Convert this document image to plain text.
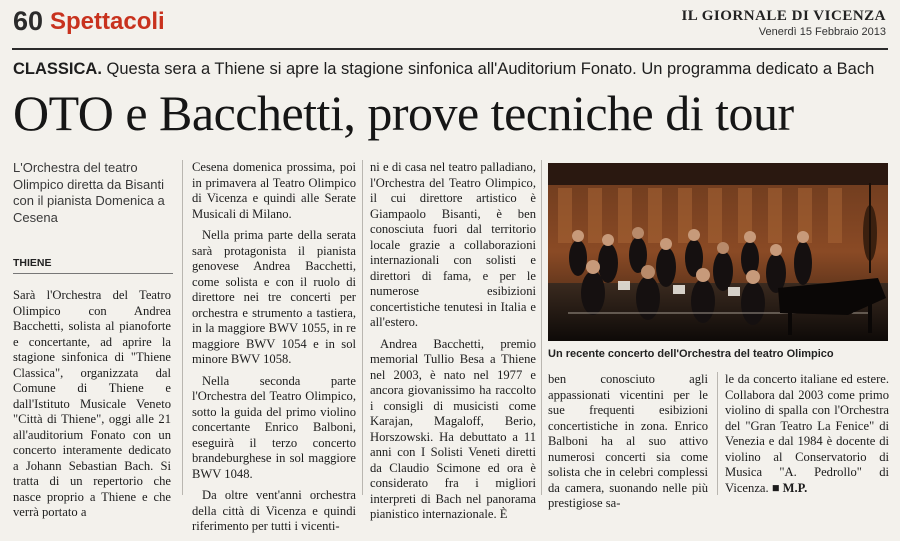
60 Spettacoli	IL GIORNALE DI VICENZA
Venerdì 15 Febbraio 2013
CLASSICA. Questa sera a Thiene si apre la stagione sinfonica all'Auditorium Fonato. Un programma dedicato a Bach
OTO e Bacchetti, prove tecniche di tour
L'Orchestra del teatro Olimpico diretta da Bisanti con il pianista Domenica a Cesena
THIENE

Sarà l'Orchestra del Teatro Olimpico con Andrea Bacchetti, solista al pianoforte e concertante, ad aprire la stagione sinfonica di "Thiene Classica", organizzata dal Comune di Thiene e dall'Istituto Musicale Veneto "Città di Thiene", oggi alle 21 all'auditorium Fonato con un concerto interamente dedicato a Johann Sebastian Bach. Si tratta di un repertorio che nasce proprio a Thiene e che verrà portato a

Cesena domenica prossima, poi in primavera al Teatro Olimpico di Vicenza e quindi alle Serate Musicali di Milano.

Nella prima parte della serata sarà protagonista il pianista genovese Andrea Bacchetti, come solista e con il ruolo di direttore nei tre concerti per orchestra e strumento a tastiera, in la maggiore BWV 1055, in re maggiore BWV 1054 e in sol minore BWV 1058.

Nella seconda parte l'Orchestra del Teatro Olimpico, sotto la guida del primo violino concertante Enrico Balboni, eseguirà il terzo concerto brandeburghese in sol maggiore BWV 1048.

Da oltre vent'anni orchestra della città di Vicenza e quindi riferimento per tutti i vicenti-

ni e di casa nel teatro palladiano, l'Orchestra del Teatro Olimpico, il cui direttore artistico è Giampaolo Bisanti, è ben conosciuta fuori dal territorio locale grazie a collaborazioni internazionali con solisti e direttori di fama, e per le numerose esibizioni concertistiche tenutesi in Italia e all'estero.

Andrea Bacchetti, premio memorial Tullio Besa a Thiene nel 2003, è nato nel 1977 e ancora giovanissimo ha raccolto i consigli di musicisti come Karajan, Magaloff, Berio, Horszowski. Ha debuttato a 11 anni con I Solisti Veneti diretti da Claudio Scimone ed ora è considerato fra i migliori interpreti di Bach nel panorama pianistico internazionale. È

Un recente concerto dell'Orchestra del teatro Olimpico

ben conosciuto agli appassionati vicentini per le sue frequenti esibizioni concertistiche in zona. Enrico Balboni ha al suo attivo numerosi concerti sia come solista che in celebri complessi da camera, suonando nelle più prestigiose sa-

le da concerto italiane ed estere. Collabora dal 2003 come primo violino di spalla con l'Orchestra del "Gran Teatro La Fenice" di Venezia e dal 1984 è docente di violino al Conservatorio di Musica "A. Pedrollo" di Vicenza. ■ M.P.
